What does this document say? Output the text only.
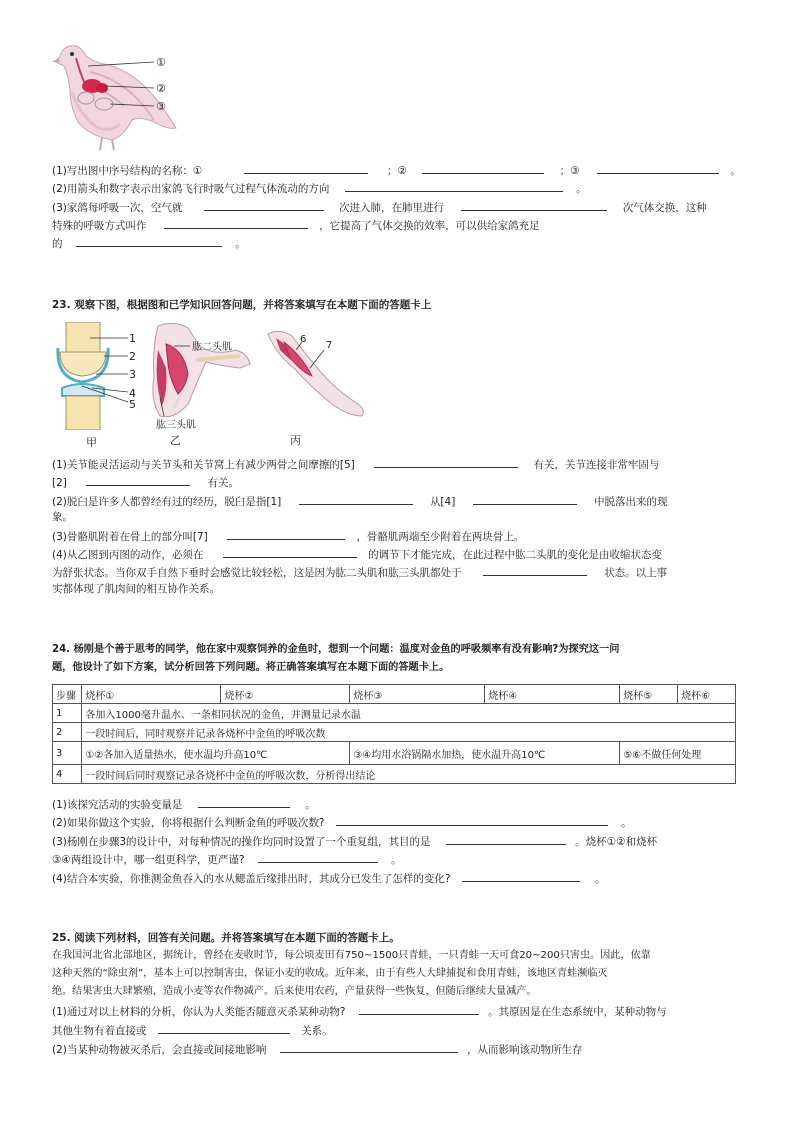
①
②
③
(1)写出图中序号结构的名称：①	；②	；③	。
(2)用箭头和数字表示出家鸽飞行时吸气过程气体流动的方向	。
(3)家鸽每呼吸一次，空气就	次进入肺，在肺里进行	次气体交换，这种
特殊的呼吸方式叫作	，它提高了气体交换的效率，可以供给家鸽充足
的	。
23. 观察下图，根据图和已学知识回答问题，并将答案填写在本题下面的答题卡上
1
2
3
4
5
肱二头肌
肱三头肌
6
7
甲	乙	丙
(1)关节能灵活运动与关节头和关节窝上有减少两骨之间摩擦的[5]	有关，关节连接非常牢固与
[2]	有关。
(2)脱臼是许多人都曾经有过的经历，脱臼是指[1]	从[4]	中脱落出来的现
象。
(3)骨骼肌附着在骨上的部分叫[7]	，骨骼肌两端至少附着在两块骨上。
(4)从乙图到丙图的动作，必须在	的调节下才能完成，在此过程中肱二头肌的变化是由收缩状态变
为舒张状态。当你双手自然下垂时会感觉比较轻松，这是因为肱二头肌和肱三头肌都处于	状态。以上事
实都体现了肌肉间的相互协作关系。
24. 杨刚是个善于思考的同学，他在家中观察饲养的金鱼时，想到一个问题：温度对金鱼的呼吸频率有没有影响?为探究这一问
题，他设计了如下方案，试分析回答下列问题。将正确答案填写在本题下面的答题卡上。
步骤	烧杯①	烧杯②	烧杯③	烧杯④	烧杯⑤	烧杯⑥
1	各加入1000毫升温水、一条相同状况的金鱼，并测量记录水温					
2	一段时间后，同时观察并记录各烧杯中金鱼的呼吸次数					
3	①②各加入适量热水，使水温均升高10℃		③④均用水浴锅隔水加热，使水温升高10℃		⑤⑥不做任何处理	
4	一段时间后同时观察记录各烧杯中金鱼的呼吸次数，分析得出结论					
(1)该探究活动的实验变量是	。
(2)如果你做这个实验，你将根据什么判断金鱼的呼吸次数?	。
(3)杨刚在步骤3的设计中，对每种情况的操作均同时设置了一个重复组，其目的是	。烧杯①②和烧杯
③④两组设计中，哪一组更科学，更严谨?	。
(4)结合本实验，你推测金鱼吞入的水从鳃盖后缘排出时，其成分已发生了怎样的变化?	。
25. 阅读下列材料，回答有关问题。并将答案填写在本题下面的答题卡上。
在我国河北省北部地区，据统计，曾经在麦收时节，每公顷麦田有750~1500只青蛙，一只青蛙一天可食20~200只害虫。因此，依靠
这种天然的“除虫剂”，基本上可以控制害虫，保证小麦的收成。近年来，由于有些人大肆捕捉和食用青蛙，该地区青蛙濒临灭
绝。结果害虫大肆繁殖，造成小麦等农作物减产。后来使用农药，产量获得一些恢复，但随后继续大量减产。
(1)通过对以上材料的分析，你认为人类能否随意灭杀某种动物?	。其原因是在生态系统中，某种动物与
其他生物有着直接或	关系。
(2)当某种动物被灭杀后，会直接或间接地影响	，从而影响该动物所生存
